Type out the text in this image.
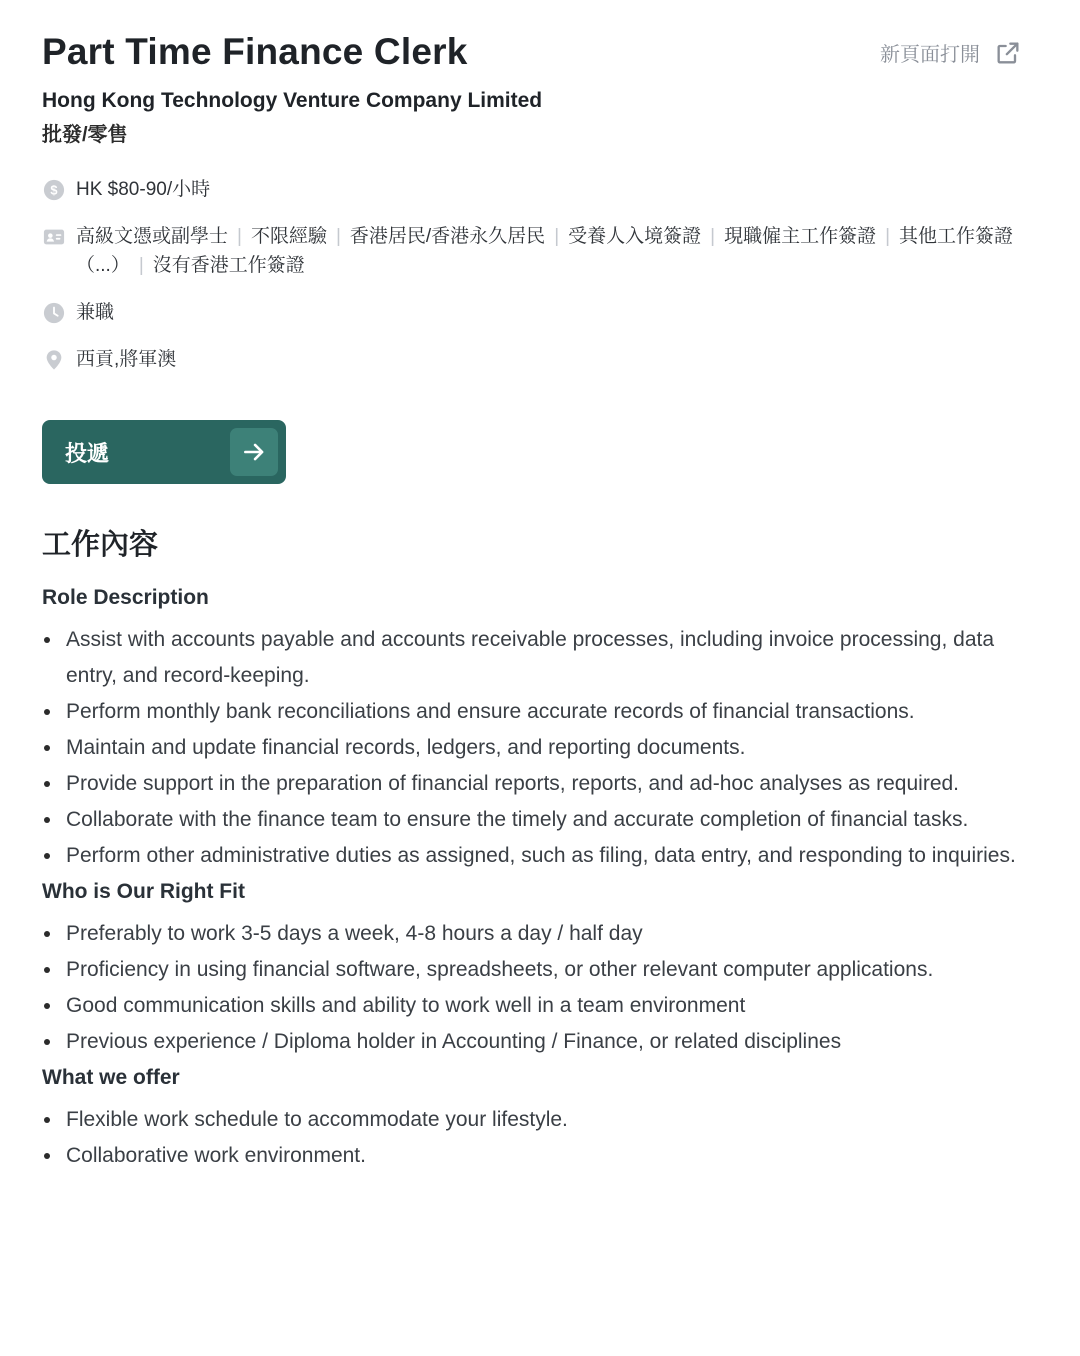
新頁面打開
Part Time Finance Clerk
Hong Kong Technology Venture Company Limited
批發/零售
$ HK $80-90/小時
高級文憑或副學士 | 不限經驗 | 香港居民/香港永久居民 | 受養人入境簽證 | 現職僱主工作簽證 | 其他工作簽證（...） | 沒有香港工作簽證
兼職
西貢,將軍澳
投遞
工作內容
Role Description
Assist with accounts payable and accounts receivable processes, including invoice processing, data entry, and record-keeping.
Perform monthly bank reconciliations and ensure accurate records of financial transactions.
Maintain and update financial records, ledgers, and reporting documents.
Provide support in the preparation of financial reports, reports, and ad-hoc analyses as required.
Collaborate with the finance team to ensure the timely and accurate completion of financial tasks.
Perform other administrative duties as assigned, such as filing, data entry, and responding to inquiries.
Who is Our Right Fit
Preferably to work 3-5 days a week, 4-8 hours a day / half day
Proficiency in using financial software, spreadsheets, or other relevant computer applications.
Good communication skills and ability to work well in a team environment
Previous experience / Diploma holder in Accounting / Finance, or related disciplines
What we offer
Flexible work schedule to accommodate your lifestyle.
Collaborative work environment.
